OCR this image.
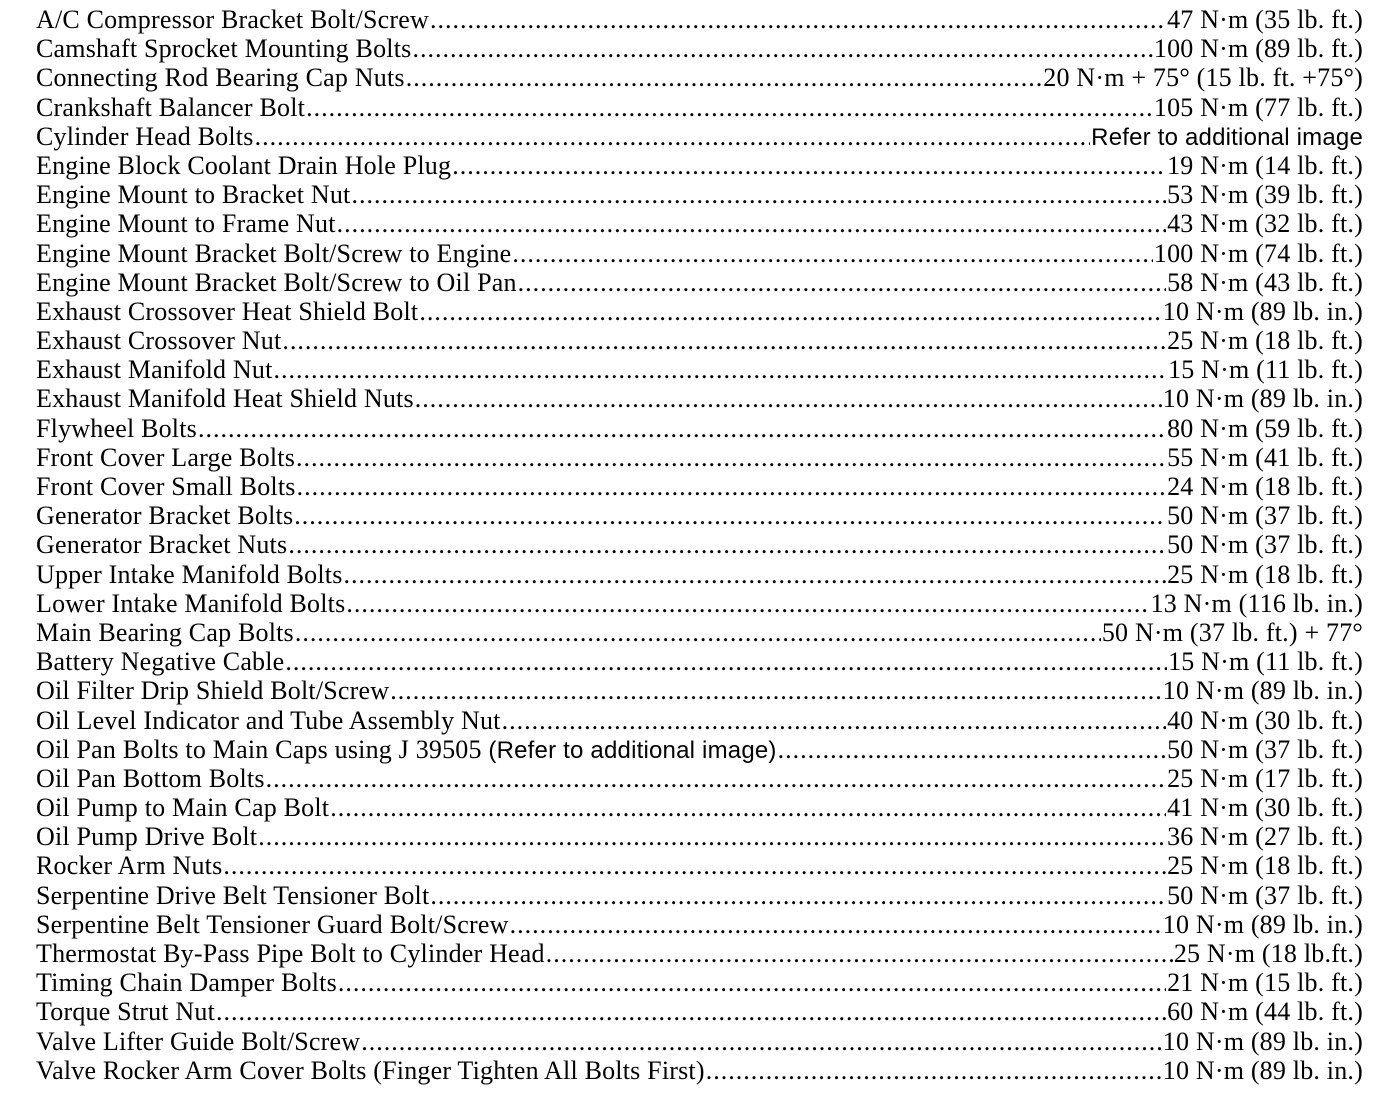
A/C Compressor Bracket Bolt/Screw .....	47 N·m (35 lb. ft.)
Camshaft Sprocket Mounting Bolts .....	100 N·m (89 lb. ft.)
Connecting Rod Bearing Cap Nuts .....	20 N·m + 75° (15 lb. ft. +75°)
Crankshaft Balancer Bolt .....	105 N·m (77 lb. ft.)
Cylinder Head Bolts .....	Refer to additional image
Engine Block Coolant Drain Hole Plug .....	19 N·m (14 lb. ft.)
Engine Mount to Bracket Nut .....	53 N·m (39 lb. ft.)
Engine Mount to Frame Nut .....	43 N·m (32 lb. ft.)
Engine Mount Bracket Bolt/Screw to Engine .....	100 N·m (74 lb. ft.)
Engine Mount Bracket Bolt/Screw to Oil Pan .....	58 N·m (43 lb. ft.)
Exhaust Crossover Heat Shield Bolt .....	10 N·m (89 lb. in.)
Exhaust Crossover Nut .....	25 N·m (18 lb. ft.)
Exhaust Manifold Nut .....	15 N·m (11 lb. ft.)
Exhaust Manifold Heat Shield Nuts .....	10 N·m (89 lb. in.)
Flywheel Bolts .....	80 N·m (59 lb. ft.)
Front Cover Large Bolts .....	55 N·m (41 lb. ft.)
Front Cover Small Bolts .....	24 N·m (18 lb. ft.)
Generator Bracket Bolts .....	50 N·m (37 lb. ft.)
Generator Bracket Nuts .....	50 N·m (37 lb. ft.)
Upper Intake Manifold Bolts .....	25 N·m (18 lb. ft.)
Lower Intake Manifold Bolts .....	13 N·m (116 lb. in.)
Main Bearing Cap Bolts .....	50 N·m (37 lb. ft.) + 77°
Battery Negative Cable .....	15 N·m (11 lb. ft.)
Oil Filter Drip Shield Bolt/Screw .....	10 N·m (89 lb. in.)
Oil Level Indicator and Tube Assembly Nut .....	40 N·m (30 lb. ft.)
Oil Pan Bolts to Main Caps using J 39505 (Refer to additional image) .....	50 N·m (37 lb. ft.)
Oil Pan Bottom Bolts .....	25 N·m (17 lb. ft.)
Oil Pump to Main Cap Bolt .....	41 N·m (30 lb. ft.)
Oil Pump Drive Bolt .....	36 N·m (27 lb. ft.)
Rocker Arm Nuts .....	25 N·m (18 lb. ft.)
Serpentine Drive Belt Tensioner Bolt .....	50 N·m (37 lb. ft.)
Serpentine Belt Tensioner Guard Bolt/Screw .....	10 N·m (89 lb. in.)
Thermostat By-Pass Pipe Bolt to Cylinder Head .....	25 N·m (18 lb.ft.)
Timing Chain Damper Bolts .....	21 N·m (15 lb. ft.)
Torque Strut Nut .....	60 N·m (44 lb. ft.)
Valve Lifter Guide Bolt/Screw .....	10 N·m (89 lb. in.)
Valve Rocker Arm Cover Bolts (Finger Tighten All Bolts First) .....	10 N·m (89 lb. in.)
